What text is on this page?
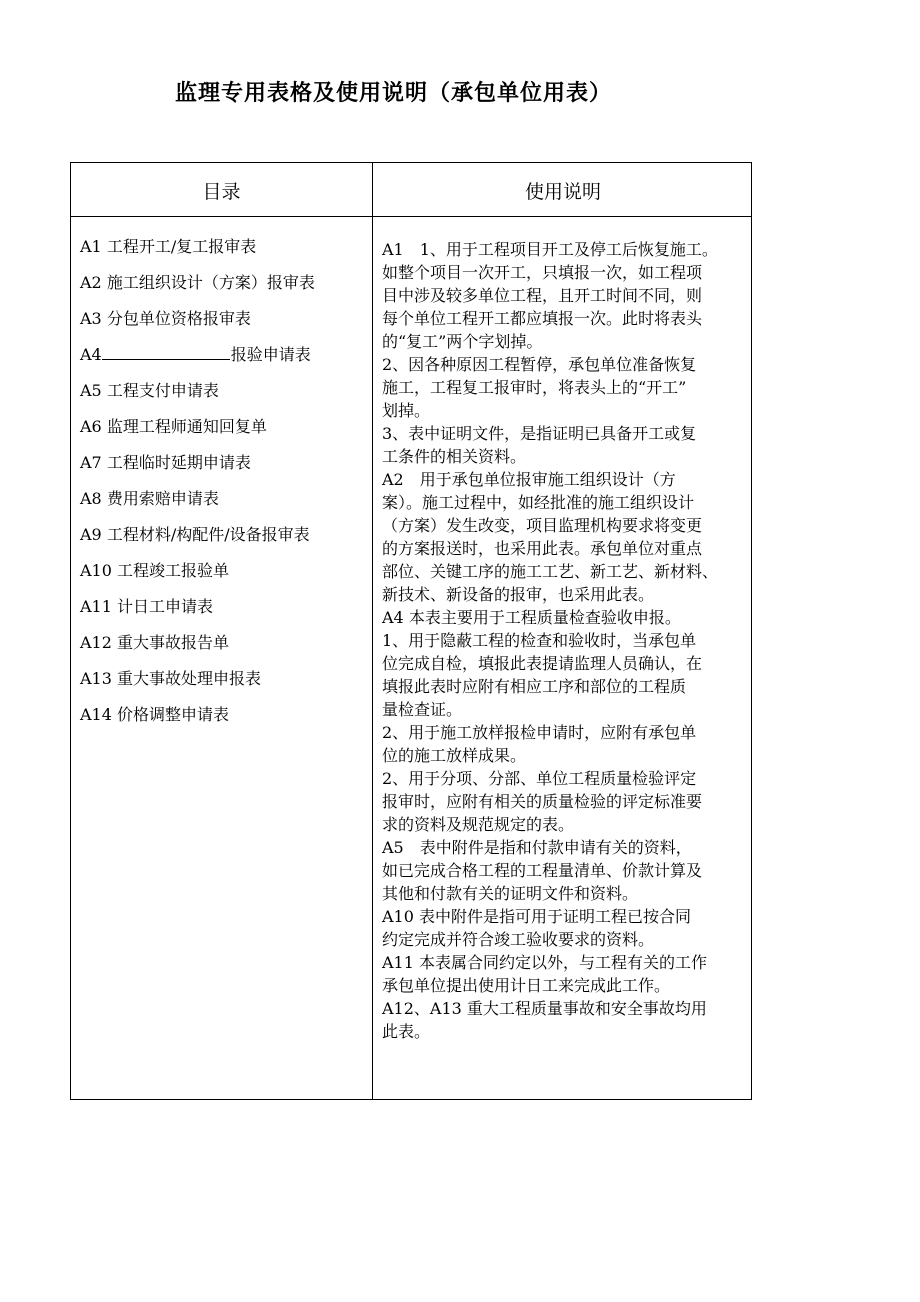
监理专用表格及使用说明（承包单位用表）
目录	使用说明
A1 工程开工/复工报审表
A2 施工组织设计（方案）报审表
A3 分包单位资格报审表
A4	报验申请表
A5 工程支付申请表
A6 监理工程师通知回复单
A7 工程临时延期申请表
A8 费用索赔申请表
A9 工程材料/构配件/设备报审表
A10 工程竣工报验单
A11 计日工申请表
A12 重大事故报告单
A13 重大事故处理申报表
A14 价格调整申请表
A1　1、用于工程项目开工及停工后恢复施工。
如整个项目一次开工，只填报一次，如工程项
目中涉及较多单位工程，且开工时间不同，则
每个单位工程开工都应填报一次。此时将表头
的“复工”两个字划掉。
2、因各种原因工程暂停，承包单位准备恢复
施工，工程复工报审时，将表头上的“开工”
划掉。
3、表中证明文件，是指证明已具备开工或复
工条件的相关资料。
A2　用于承包单位报审施工组织设计（方
案）。施工过程中，如经批准的施工组织设计
（方案）发生改变，项目监理机构要求将变更
的方案报送时，也采用此表。承包单位对重点
部位、关键工序的施工工艺、新工艺、新材料、
新技术、新设备的报审，也采用此表。
A4 本表主要用于工程质量检查验收申报。
1、用于隐蔽工程的检查和验收时，当承包单
位完成自检，填报此表提请监理人员确认，在
填报此表时应附有相应工序和部位的工程质
量检查证。
2、用于施工放样报检申请时，应附有承包单
位的施工放样成果。
2、用于分项、分部、单位工程质量检验评定
报审时，应附有相关的质量检验的评定标准要
求的资料及规范规定的表。
A5　表中附件是指和付款申请有关的资料，
如已完成合格工程的工程量清单、价款计算及
其他和付款有关的证明文件和资料。
A10 表中附件是指可用于证明工程已按合同
约定完成并符合竣工验收要求的资料。
A11 本表属合同约定以外，与工程有关的工作
承包单位提出使用计日工来完成此工作。
A12、A13 重大工程质量事故和安全事故均用
此表。
